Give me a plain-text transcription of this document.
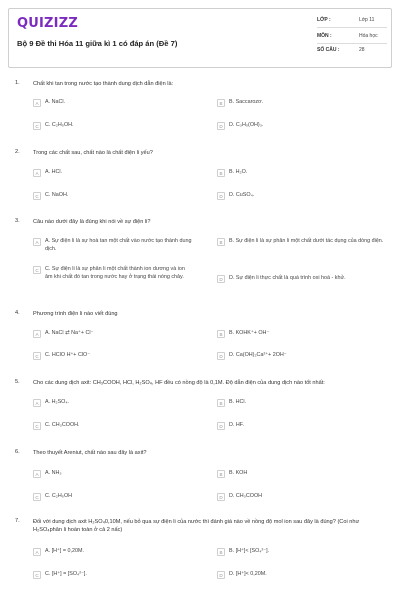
QUIZIZZ
Bộ 9 Đề thi Hóa 11 giữa kì 1 có đáp án (Đề 7)
LỚP :	Lớp 11
MÔN :	Hóa học
SỐ CÂU :	28
1. Chất khi tan trong nước tạo thành dung dịch dẫn điện là:
A	A. NaCl.	B	B. Saccarozơ.
C	C. C₂H₅OH.	D	D. C₃H₅(OH)₃.
2. Trong các chất sau, chất nào là chất điện li yếu?
A	A. HCl.	B	B. H₂O.
C	C. NaOH.	D	D. CuSO₄.
3. Câu nào dưới đây là đúng khi nói về sự điện li?
A	A. Sự điện li là sự hoà tan một chất vào nước tạo thành dung dịch.
B	B. Sự điện li là sự phân li một chất dưới tác dụng của dòng điện.
C	C. Sự điện li là sự phân li một chất thành ion dương và ion âm khi chất đó tan trong nước hay ở trạng thái nóng chảy.	D	D. Sự điện li thực chất là quá trình oxi hoá - khử.
4. Phương trình điện li nào viết đúng
A	A. NaCl ⇄ Na⁺+ Cl⁻	B	B. KOHK⁺+ OH⁻
C	C. HClO H⁺+ ClO⁻	D	D. Ca(OH)₂Ca²⁺+ 2OH⁻
5. Cho các dung dịch axit: CH₃COOH, HCl, H₂SO₄, HF đều có nồng độ là 0,1M. Độ dẫn điện của dung dịch nào tốt nhất:
A	A. H₂SO₄.	B	B. HCl.
C	C. CH₃COOH.	D	D. HF.
6. Theo thuyết Areniut, chất nào sau đây là axit?
A	A. NH₃	B	B. KOH
C	C. C₂H₅OH	D	D. CH₃COOH
7. Đối với dung dịch axit H₂SO₄0,10M, nếu bỏ qua sự điện li của nước thì đánh giá nào về nồng độ mol ion sau đây là đúng? (Coi như H₂SO₄phân li hoàn toàn ở cả 2 nấc)
A	A. [H⁺] = 0,20M.	B	B. [H⁺]< [SO₄²⁻].
C	C. [H⁺] = [SO₄²⁻].	D	D. [H⁺]< 0,20M.
